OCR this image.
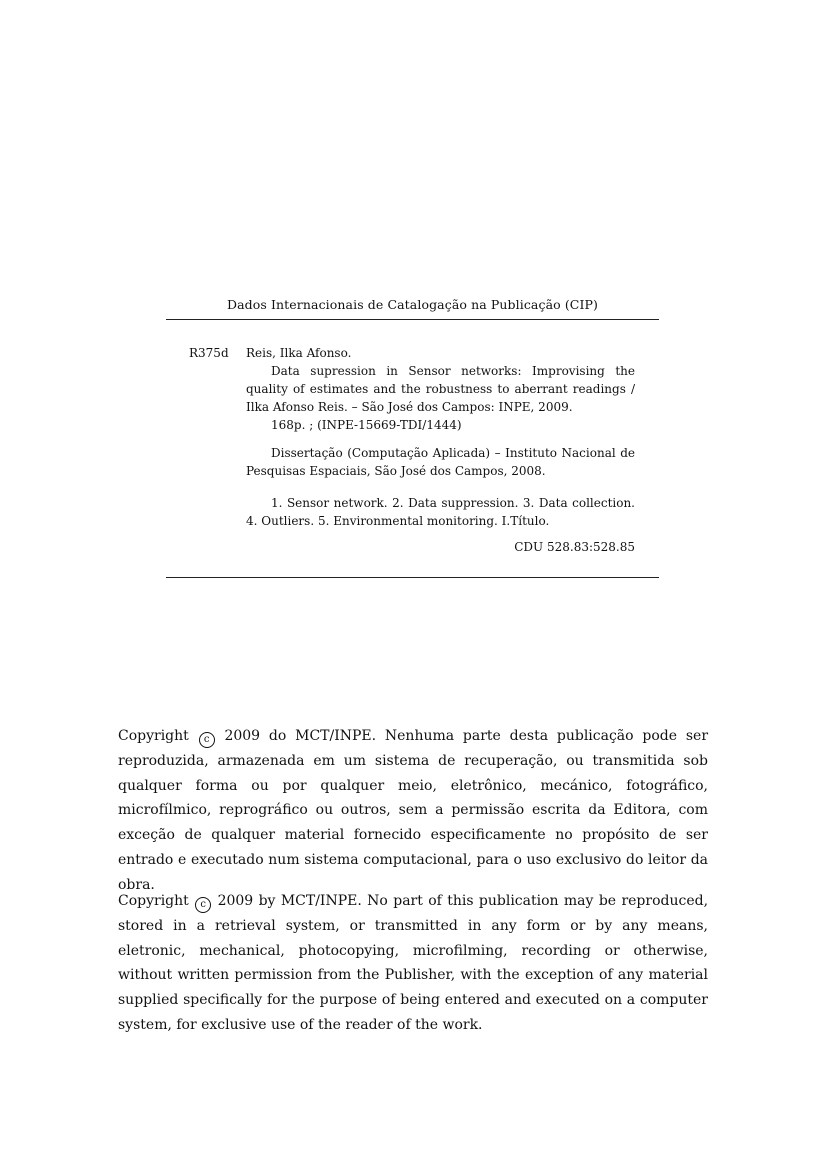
Dados Internacionais de Catalogação na Publicação (CIP)
R375d Reis, Ilka Afonso.

Data supression in Sensor networks: Improvising the quality of estimates and the robustness to aberrant readings / Ilka Afonso Reis. – São José dos Campos: INPE, 2009.

168p. ; (INPE-15669-TDI/1444)

Dissertação (Computação Aplicada) – Instituto Nacional de Pesquisas Espaciais, São José dos Campos, 2008.

1. Sensor network. 2. Data suppression. 3. Data collection. 4. Outliers. 5. Environmental monitoring. I.Título.

CDU 528.83:528.85

Copyright c 2009 do MCT/INPE. Nenhuma parte desta publicação pode ser reproduzida, armazenada em um sistema de recuperação, ou transmitida sob qualquer forma ou por qualquer meio, eletrônico, mecánico, fotográfico, microfílmico, reprográfico ou outros, sem a permissão escrita da Editora, com exceção de qualquer material fornecido especificamente no propósito de ser entrado e executado num sistema computacional, para o uso exclusivo do leitor da obra.

Copyright c 2009 by MCT/INPE. No part of this publication may be reproduced, stored in a retrieval system, or transmitted in any form or by any means, eletronic, mechanical, photocopying, microfilming, recording or otherwise, without written permission from the Publisher, with the exception of any material supplied specifically for the purpose of being entered and executed on a computer system, for exclusive use of the reader of the work.
